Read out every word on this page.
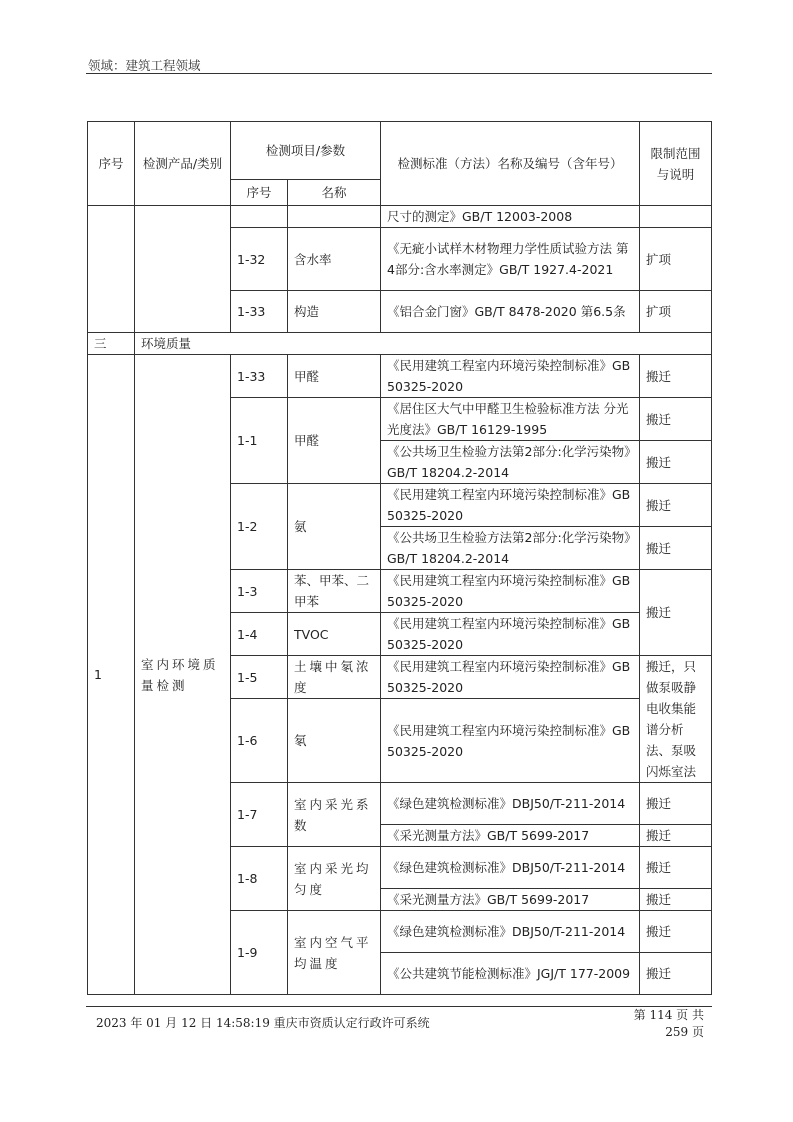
领域：建筑工程领域
序号	检测产品/类别	检测项目/参数		检测标准（方法）名称及编号（含年号）	限制范围与说明
		序号	名称		
				尺寸的测定》GB/T 12003-2008	
		1-32	含水率	《无疵小试样木材物理力学性质试验方法 第4部分:含水率测定》GB/T 1927.4-2021	扩项
		1-33	构造	《铝合金门窗》GB/T 8478-2020 第6.5条	扩项
三	环境质量				
1	室内环境质量检测	1-33	甲醛	《民用建筑工程室内环境污染控制标准》GB 50325-2020	搬迁
		1-1	甲醛	《居住区大气中甲醛卫生检验标准方法 分光光度法》GB/T 16129-1995	搬迁
				《公共场卫生检验方法第2部分:化学污染物》GB/T 18204.2-2014	搬迁
		1-2	氨	《民用建筑工程室内环境污染控制标准》GB 50325-2020	搬迁
				《公共场卫生检验方法第2部分:化学污染物》GB/T 18204.2-2014	搬迁
		1-3	苯、甲苯、二甲苯	《民用建筑工程室内环境污染控制标准》GB 50325-2020	搬迁
		1-4	TVOC	《民用建筑工程室内环境污染控制标准》GB 50325-2020	
		1-5	土壤中氡浓度	《民用建筑工程室内环境污染控制标准》GB 50325-2020	搬迁，只做泵吸静电收集能谱分析法、泵吸闪烁室法
		1-6	氡	《民用建筑工程室内环境污染控制标准》GB 50325-2020	
		1-7	室内采光系数	《绿色建筑检测标准》DBJ50/T-211-2014	搬迁
				《采光测量方法》GB/T 5699-2017	搬迁
		1-8	室内采光均匀度	《绿色建筑检测标准》DBJ50/T-211-2014	搬迁
				《采光测量方法》GB/T 5699-2017	搬迁
		1-9	室内空气平均温度	《绿色建筑检测标准》DBJ50/T-211-2014	搬迁
				《公共建筑节能检测标准》JGJ/T 177-2009	搬迁
2023 年 01 月 12 日 14:58:19 重庆市资质认定行政许可系统
第 114 页 共 259 页
